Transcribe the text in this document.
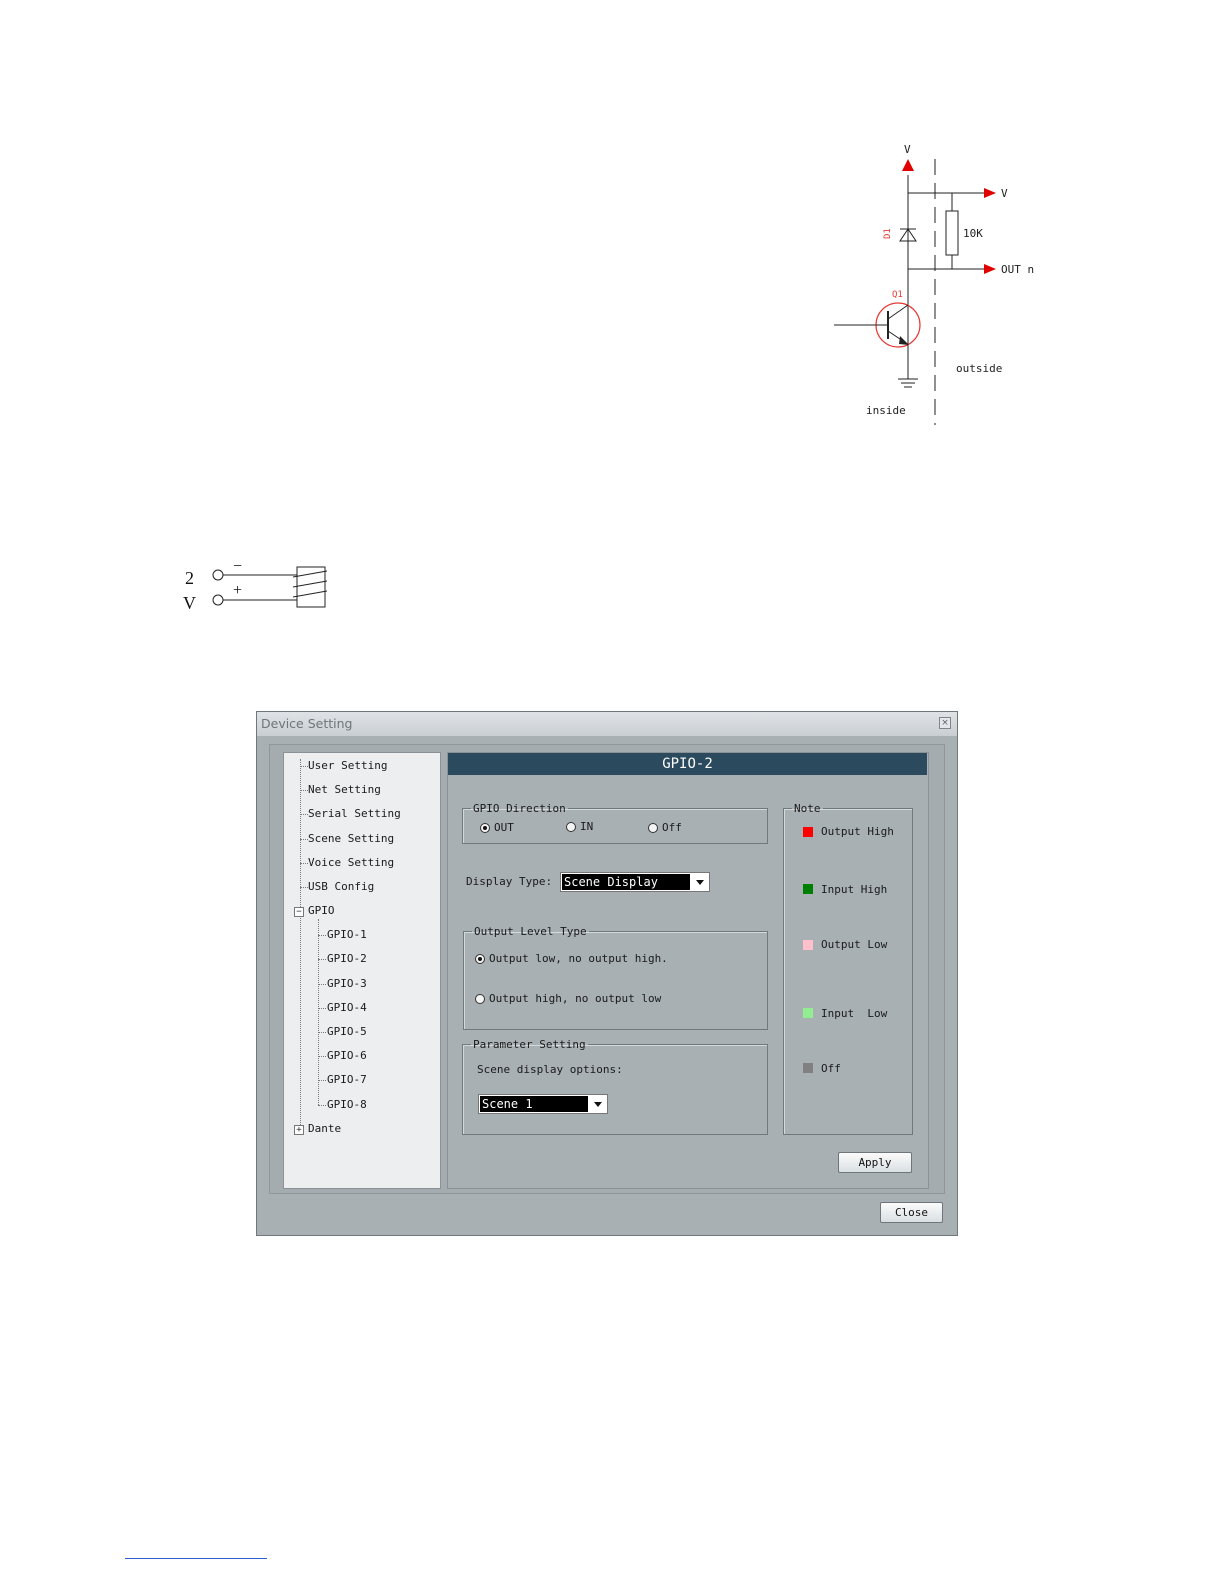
V
V
10K
D1
OUT n
Q1
inside
outside
2
V
−
+
Device Setting	×
User Setting
Net Setting
Serial Setting
Scene Setting
Voice Setting
USB Config
− GPIO
GPIO-1
GPIO-2
GPIO-3
GPIO-4
GPIO-5
GPIO-6
GPIO-7
GPIO-8
+ Dante
GPIO-2
GPIO Direction
OUT	IN	Off
Display Type: Scene Display
Output Level Type
Output low, no output high.
Output high, no output low
Parameter Setting
Scene display options:
Scene 1
Note
Output High
Input High
Output Low
Input  Low
Off
Apply
Close
